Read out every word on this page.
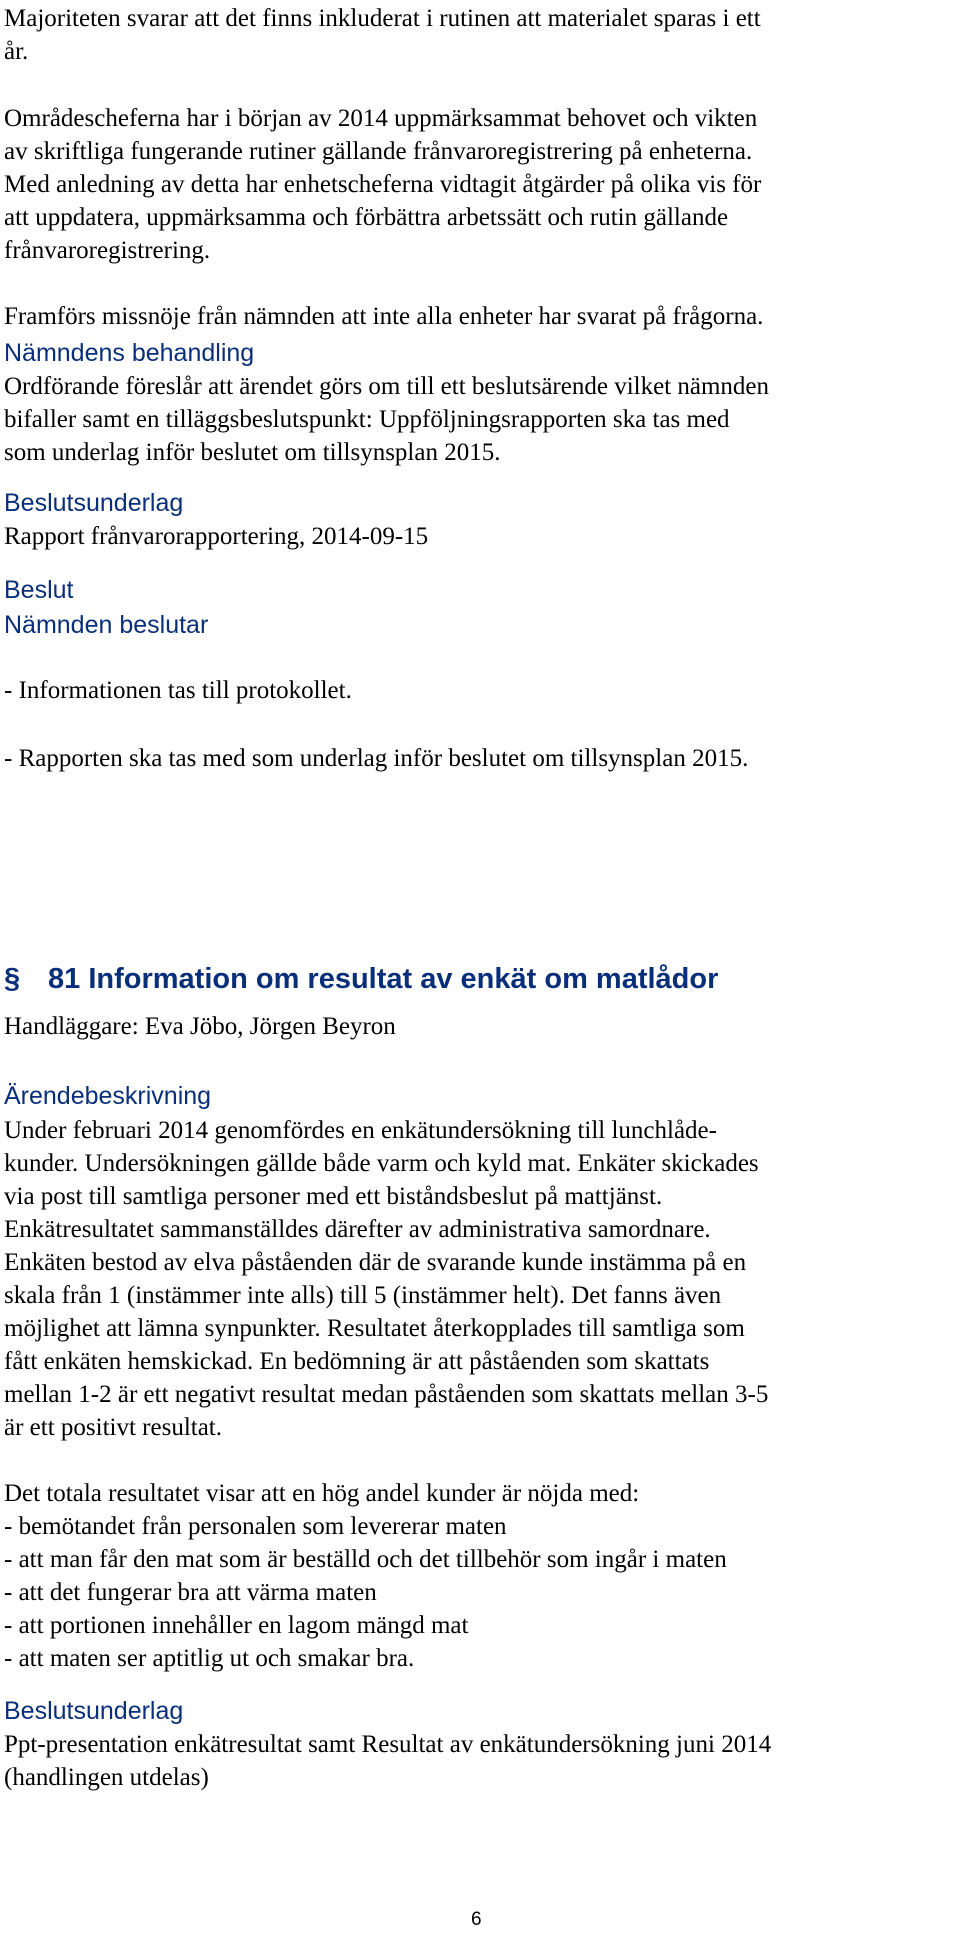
Majoriteten svarar att det finns inkluderat i rutinen att materialet sparas i ett
år.
Områdescheferna har i början av 2014 uppmärksammat behovet och vikten
av skriftliga fungerande rutiner gällande frånvaroregistrering på enheterna.
Med anledning av detta har enhetscheferna vidtagit åtgärder på olika vis för
att uppdatera, uppmärksamma och förbättra arbetssätt och rutin gällande
frånvaroregistrering.
Framförs missnöje från nämnden att inte alla enheter har svarat på frågorna.
Nämndens behandling
Ordförande föreslår att ärendet görs om till ett beslutsärende vilket nämnden
bifaller samt en tilläggsbeslutspunkt: Uppföljningsrapporten ska tas med
som underlag inför beslutet om tillsynsplan 2015.
Beslutsunderlag
Rapport frånvarorapportering, 2014-09-15
Beslut
Nämnden beslutar
- Informationen tas till protokollet.
- Rapporten ska tas med som underlag inför beslutet om tillsynsplan 2015.
§ 81 Information om resultat av enkät om matlådor
Handläggare: Eva Jöbo, Jörgen Beyron
Ärendebeskrivning
Under februari 2014 genomfördes en enkätundersökning till lunchlåde-
kunder. Undersökningen gällde både varm och kyld mat. Enkäter skickades
via post till samtliga personer med ett biståndsbeslut på mattjänst.
Enkätresultatet sammanställdes därefter av administrativa samordnare.
Enkäten bestod av elva påståenden där de svarande kunde instämma på en
skala från 1 (instämmer inte alls) till 5 (instämmer helt). Det fanns även
möjlighet att lämna synpunkter. Resultatet återkopplades till samtliga som
fått enkäten hemskickad. En bedömning är att påståenden som skattats
mellan 1-2 är ett negativt resultat medan påståenden som skattats mellan 3-5
är ett positivt resultat.
Det totala resultatet visar att en hög andel kunder är nöjda med:
- bemötandet från personalen som levererar maten
- att man får den mat som är beställd och det tillbehör som ingår i maten
- att det fungerar bra att värma maten
- att portionen innehåller en lagom mängd mat
- att maten ser aptitlig ut och smakar bra.
Beslutsunderlag
Ppt-presentation enkätresultat samt Resultat av enkätundersökning juni 2014
(handlingen utdelas)
6
